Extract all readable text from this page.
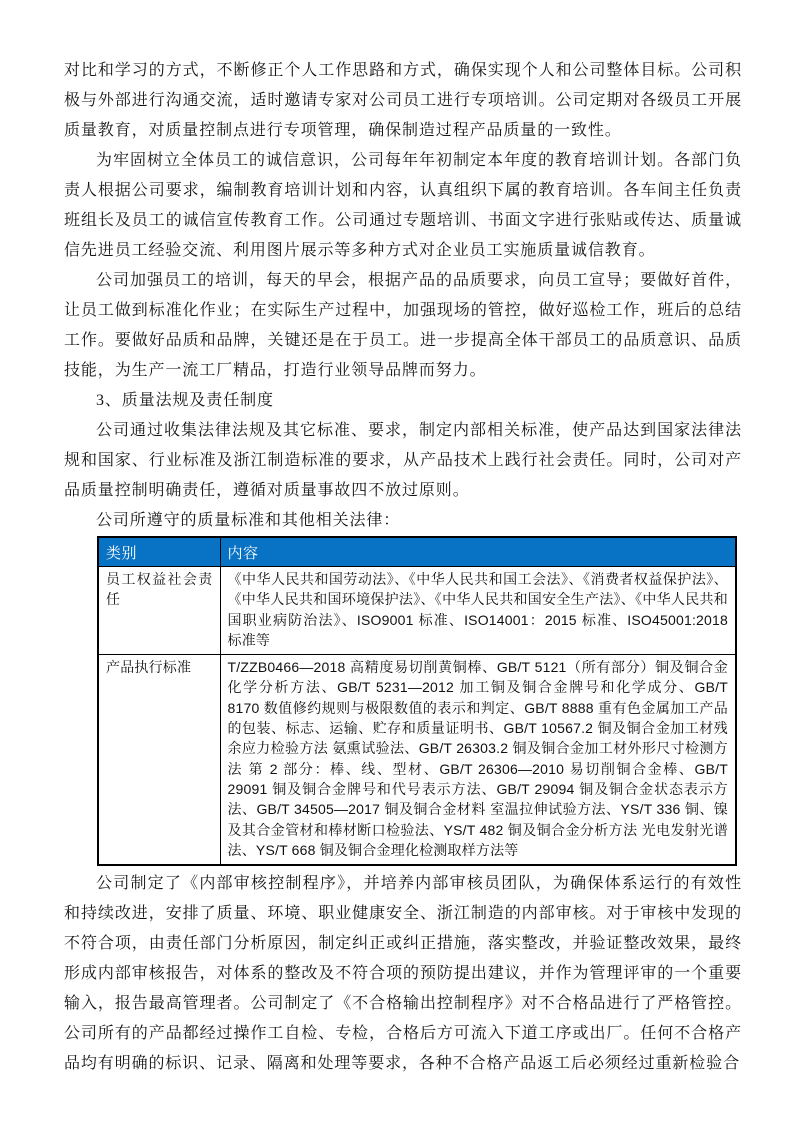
对比和学习的方式，不断修正个人工作思路和方式，确保实现个人和公司整体目标。公司积极与外部进行沟通交流，适时邀请专家对公司员工进行专项培训。公司定期对各级员工开展质量教育，对质量控制点进行专项管理，确保制造过程产品质量的一致性。

为牢固树立全体员工的诚信意识，公司每年年初制定本年度的教育培训计划。各部门负责人根据公司要求，编制教育培训计划和内容，认真组织下属的教育培训。各车间主任负责班组长及员工的诚信宣传教育工作。公司通过专题培训、书面文字进行张贴或传达、质量诚信先进员工经验交流、利用图片展示等多种方式对企业员工实施质量诚信教育。

公司加强员工的培训，每天的早会，根据产品的品质要求，向员工宣导；要做好首件，让员工做到标准化作业；在实际生产过程中，加强现场的管控，做好巡检工作，班后的总结工作。要做好品质和品牌，关键还是在于员工。进一步提高全体干部员工的品质意识、品质技能，为生产一流工厂精品，打造行业领导品牌而努力。

3、质量法规及责任制度

公司通过收集法律法规及其它标准、要求，制定内部相关标准，使产品达到国家法律法规和国家、行业标准及浙江制造标准的要求，从产品技术上践行社会责任。同时，公司对产品质量控制明确责任，遵循对质量事故四不放过原则。

公司所遵守的质量标准和其他相关法律：

类别	内容
员工权益社会责任	《中华人民共和国劳动法》、《中华人民共和国工会法》、《消费者权益保护法》、《中华人民共和国环境保护法》、《中华人民共和国安全生产法》、《中华人民共和国职业病防治法》、ISO9001 标准、ISO14001：2015 标准、ISO45001:2018 标准等
产品执行标准	T/ZZB0466—2018 高精度易切削黄铜棒、GB/T 5121（所有部分）铜及铜合金化学分析方法、GB/T 5231—2012 加工铜及铜合金牌号和化学成分、GB/T 8170 数值修约规则与极限数值的表示和判定、GB/T 8888 重有色金属加工产品的包装、标志、运输、贮存和质量证明书、GB/T 10567.2 铜及铜合金加工材残余应力检验方法 氨熏试验法、GB/T 26303.2 铜及铜合金加工材外形尺寸检测方法 第 2 部分：棒、线、型材、GB/T 26306—2010 易切削铜合金棒、GB/T 29091 铜及铜合金牌号和代号表示方法、GB/T 29094 铜及铜合金状态表示方法、GB/T 34505—2017 铜及铜合金材料 室温拉伸试验方法、YS/T 336 铜、镍及其合金管材和棒材断口检验法、YS/T 482 铜及铜合金分析方法 光电发射光谱法、YS/T 668 铜及铜合金理化检测取样方法等

公司制定了《内部审核控制程序》，并培养内部审核员团队，为确保体系运行的有效性和持续改进，安排了质量、环境、职业健康安全、浙江制造的内部审核。对于审核中发现的不符合项，由责任部门分析原因，制定纠正或纠正措施，落实整改，并验证整改效果，最终形成内部审核报告，对体系的整改及不符合项的预防提出建议，并作为管理评审的一个重要输入，报告最高管理者。公司制定了《不合格输出控制程序》对不合格品进行了严格管控。公司所有的产品都经过操作工自检、专检，合格后方可流入下道工序或出厂。任何不合格产品均有明确的标识、记录、隔离和处理等要求，各种不合格产品返工后必须经过重新检验合
